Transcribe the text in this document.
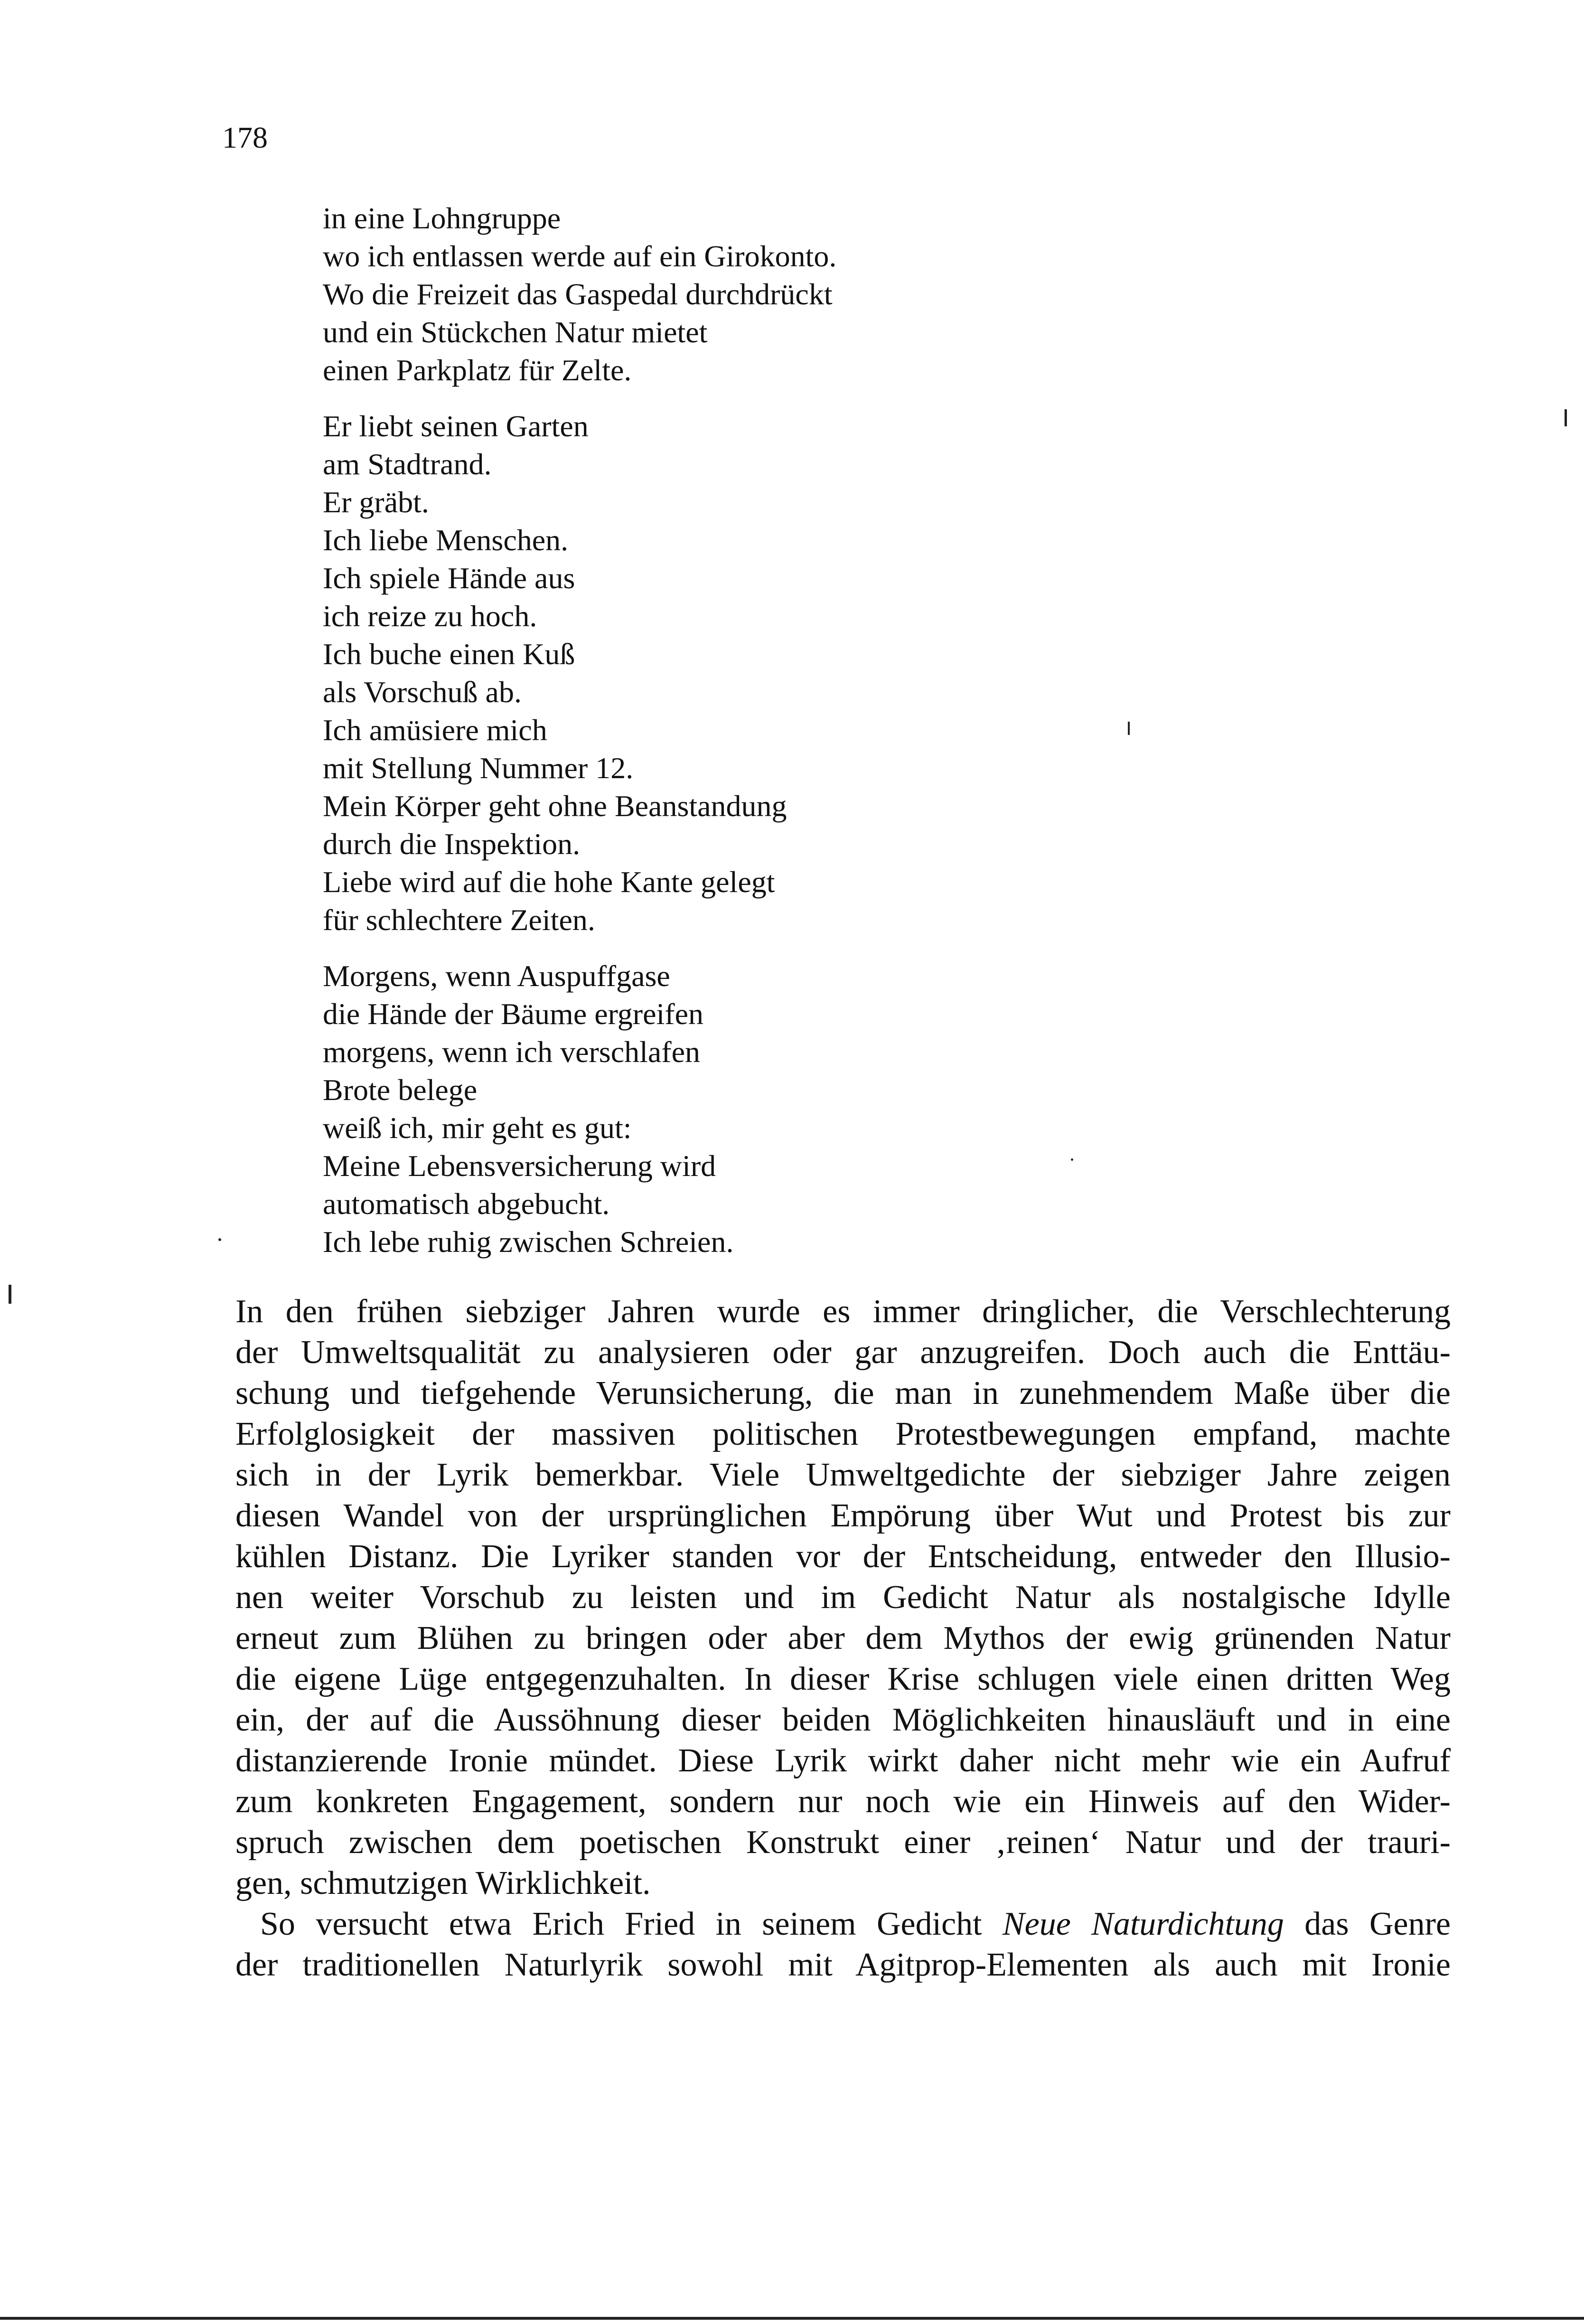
178
in eine Lohngruppe
wo ich entlassen werde auf ein Girokonto.
Wo die Freizeit das Gaspedal durchdrückt
und ein Stückchen Natur mietet
einen Parkplatz für Zelte.
Er liebt seinen Garten
am Stadtrand.
Er gräbt.
Ich liebe Menschen.
Ich spiele Hände aus
ich reize zu hoch.
Ich buche einen Kuß
als Vorschuß ab.
Ich amüsiere mich
mit Stellung Nummer 12.
Mein Körper geht ohne Beanstandung
durch die Inspektion.
Liebe wird auf die hohe Kante gelegt
für schlechtere Zeiten.
Morgens, wenn Auspuffgase
die Hände der Bäume ergreifen
morgens, wenn ich verschlafen
Brote belege
weiß ich, mir geht es gut:
Meine Lebensversicherung wird
automatisch abgebucht.
Ich lebe ruhig zwischen Schreien.
In den frühen siebziger Jahren wurde es immer dringlicher, die Verschlechterung
der Umweltsqualität zu analysieren oder gar anzugreifen. Doch auch die Enttäu-
schung und tiefgehende Verunsicherung, die man in zunehmendem Maße über die
Erfolglosigkeit der massiven politischen Protestbewegungen empfand, machte
sich in der Lyrik bemerkbar. Viele Umweltgedichte der siebziger Jahre zeigen
diesen Wandel von der ursprünglichen Empörung über Wut und Protest bis zur
kühlen Distanz. Die Lyriker standen vor der Entscheidung, entweder den Illusio-
nen weiter Vorschub zu leisten und im Gedicht Natur als nostalgische Idylle
erneut zum Blühen zu bringen oder aber dem Mythos der ewig grünenden Natur
die eigene Lüge entgegenzuhalten. In dieser Krise schlugen viele einen dritten Weg
ein, der auf die Aussöhnung dieser beiden Möglichkeiten hinausläuft und in eine
distanzierende Ironie mündet. Diese Lyrik wirkt daher nicht mehr wie ein Aufruf
zum konkreten Engagement, sondern nur noch wie ein Hinweis auf den Wider-
spruch zwischen dem poetischen Konstrukt einer ‚reinen‘ Natur und der trauri-
gen, schmutzigen Wirklichkeit.
So versucht etwa Erich Fried in seinem Gedicht Neue Naturdichtung das Genre
der traditionellen Naturlyrik sowohl mit Agitprop-Elementen als auch mit Ironie
